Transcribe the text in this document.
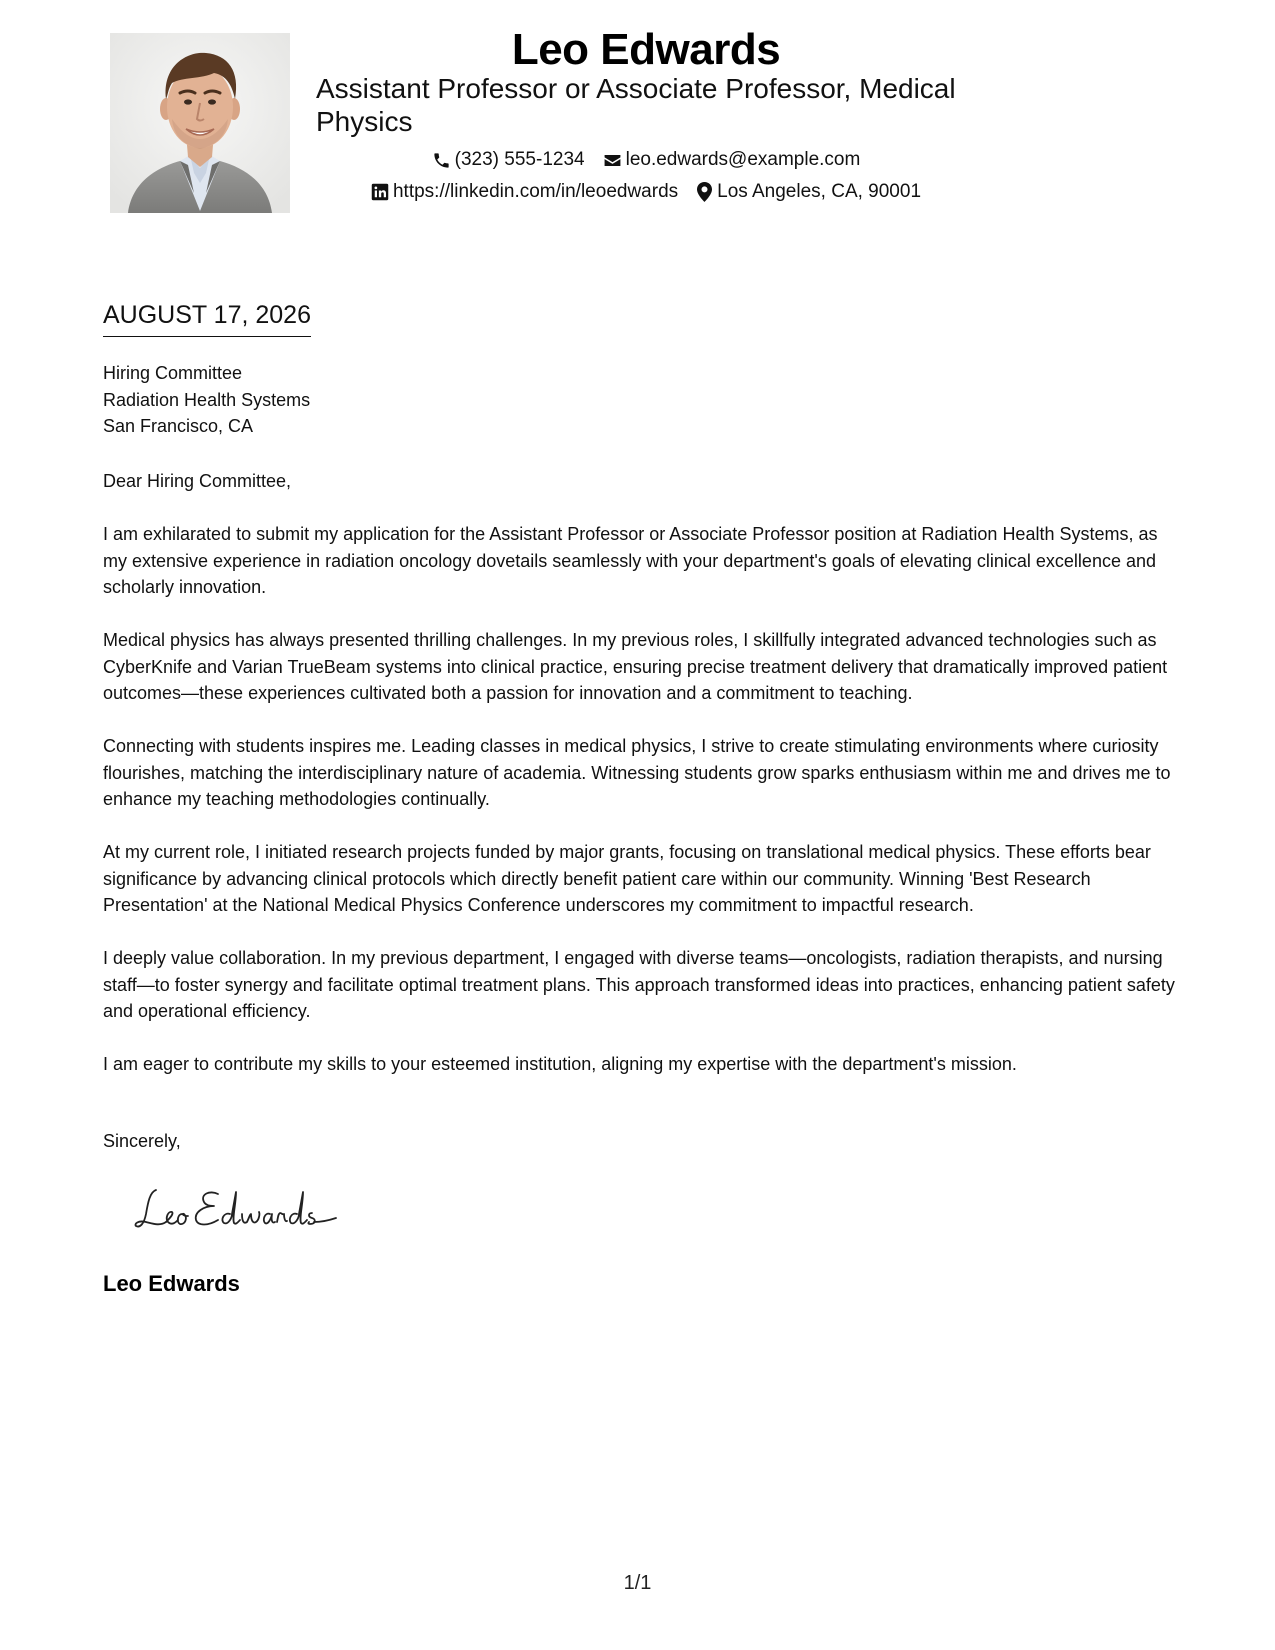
Leo Edwards
Assistant Professor or Associate Professor, Medical Physics
(323) 555-1234 leo.edwards@example.com
https://linkedin.com/in/leoedwards Los Angeles, CA, 90001
AUGUST 17, 2026
Hiring Committee
Radiation Health Systems
San Francisco, CA

Dear Hiring Committee,

I am exhilarated to submit my application for the Assistant Professor or Associate Professor position at Radiation Health Systems, as my extensive experience in radiation oncology dovetails seamlessly with your department's goals of elevating clinical excellence and scholarly innovation.

Medical physics has always presented thrilling challenges. In my previous roles, I skillfully integrated advanced technologies such as CyberKnife and Varian TrueBeam systems into clinical practice, ensuring precise treatment delivery that dramatically improved patient outcomes—these experiences cultivated both a passion for innovation and a commitment to teaching.

Connecting with students inspires me. Leading classes in medical physics, I strive to create stimulating environments where curiosity flourishes, matching the interdisciplinary nature of academia. Witnessing students grow sparks enthusiasm within me and drives me to enhance my teaching methodologies continually.

At my current role, I initiated research projects funded by major grants, focusing on translational medical physics. These efforts bear significance by advancing clinical protocols which directly benefit patient care within our community. Winning 'Best Research Presentation' at the National Medical Physics Conference underscores my commitment to impactful research.

I deeply value collaboration. In my previous department, I engaged with diverse teams—oncologists, radiation therapists, and nursing staff—to foster synergy and facilitate optimal treatment plans. This approach transformed ideas into practices, enhancing patient safety and operational efficiency.

I am eager to contribute my skills to your esteemed institution, aligning my expertise with the department's mission.

Sincerely,
Leo Edwards
1/1
